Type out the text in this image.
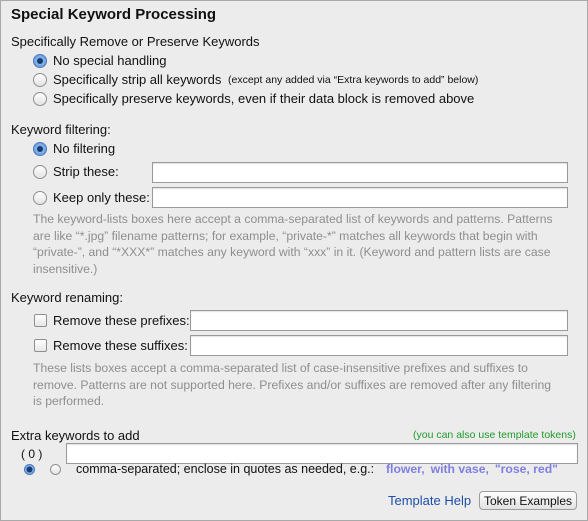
Special Keyword Processing
Specifically Remove or Preserve Keywords
No special handling
Specifically strip all keywords (except any added via “Extra keywords to add” below)
Specifically preserve keywords, even if their data block is removed above
Keyword filtering:
No filtering
Strip these:
Keep only these:
The keyword-lists boxes here accept a comma-separated list of keywords and patterns. Patterns are like “*.jpg” filename patterns; for example, “private-*” matches all keywords that begin with “private-”, and “*XXX*” matches any keyword with “xxx” in it. (Keyword and pattern lists are case insensitive.)
Keyword renaming:
Remove these prefixes:
Remove these suffixes:
These lists boxes accept a comma-separated list of case-insensitive prefixes and suffixes to remove. Patterns are not supported here. Prefixes and/or suffixes are removed after any filtering is performed.
Extra keywords to add	(you can also use template tokens)
( 0 )
comma-separated; enclose in quotes as needed, e.g.: flower, with vase, "rose, red"
Template Help	Token Examples
